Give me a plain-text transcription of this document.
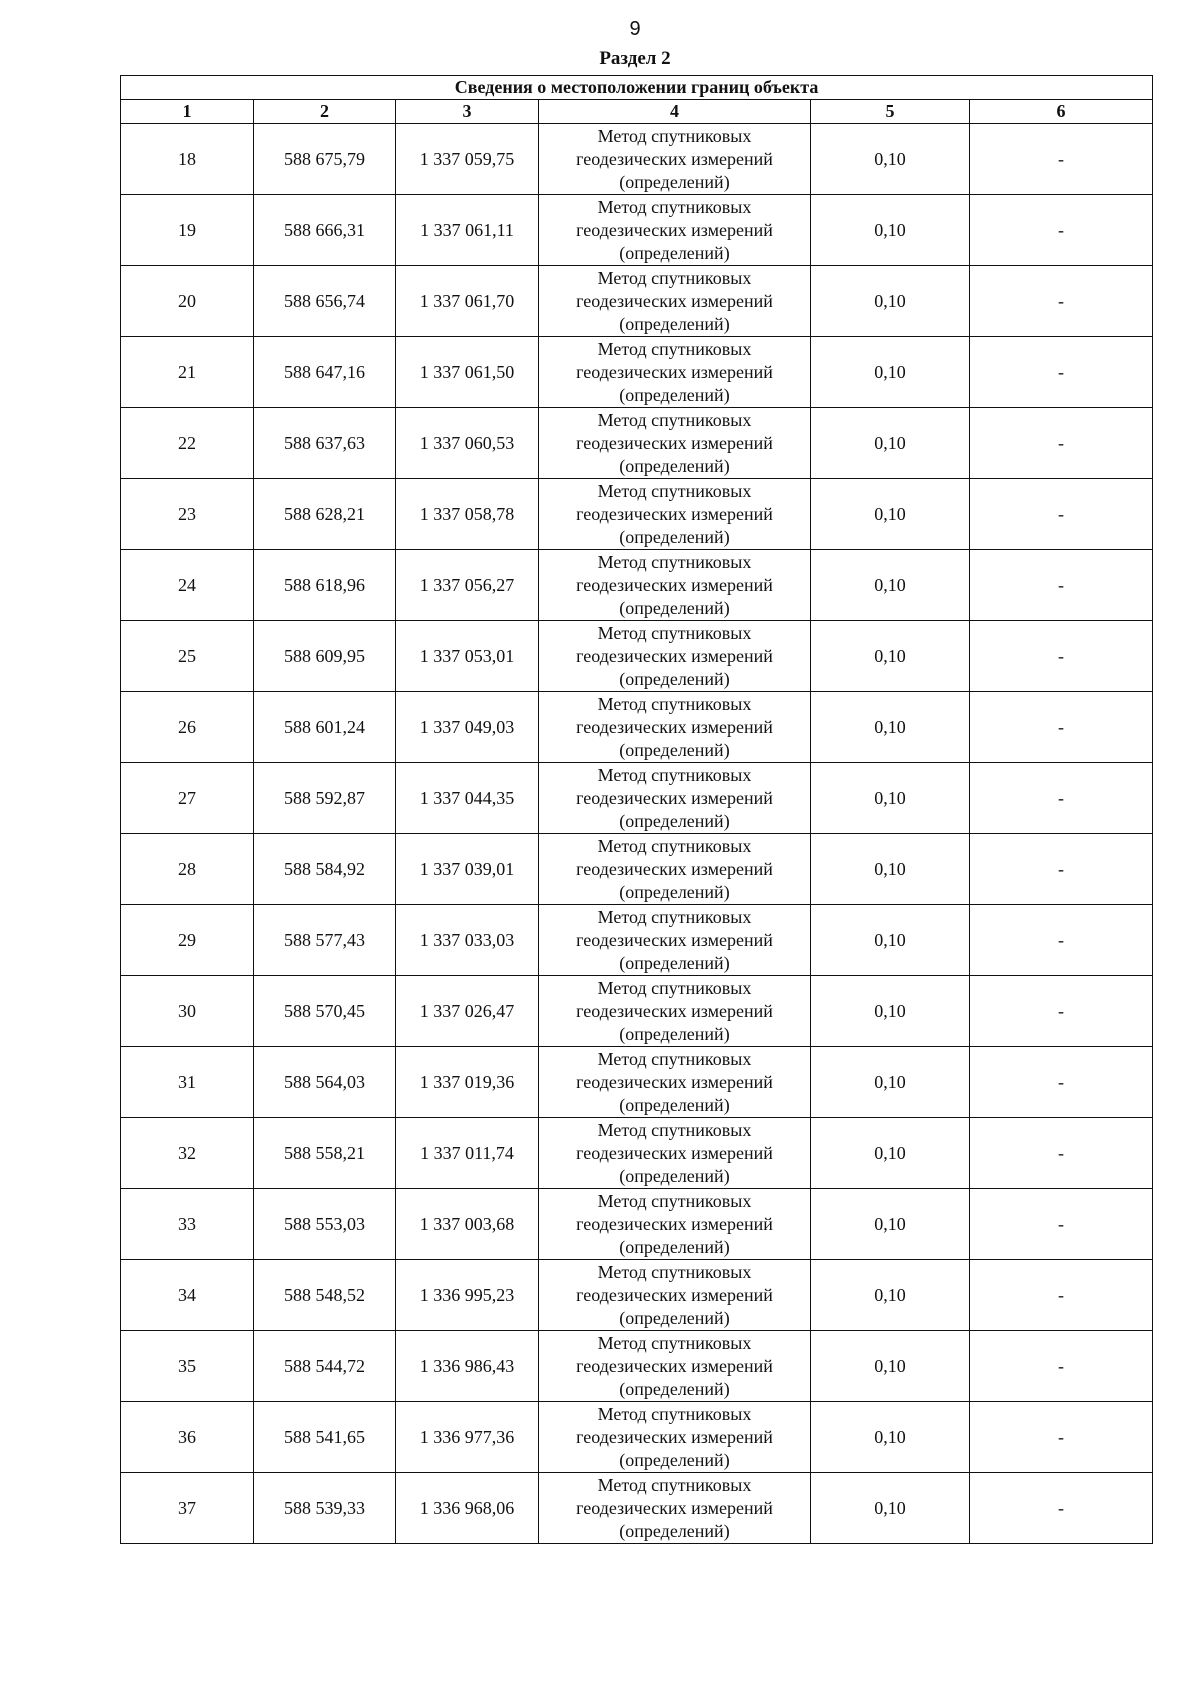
9
Раздел 2
Сведения о местоположении границ объекта					
1	2	3	4	5	6
18	588 675,79	1 337 059,75	Метод спутниковых
геодезических измерений
(определений)	0,10	-
19	588 666,31	1 337 061,11	Метод спутниковых
геодезических измерений
(определений)	0,10	-
20	588 656,74	1 337 061,70	Метод спутниковых
геодезических измерений
(определений)	0,10	-
21	588 647,16	1 337 061,50	Метод спутниковых
геодезических измерений
(определений)	0,10	-
22	588 637,63	1 337 060,53	Метод спутниковых
геодезических измерений
(определений)	0,10	-
23	588 628,21	1 337 058,78	Метод спутниковых
геодезических измерений
(определений)	0,10	-
24	588 618,96	1 337 056,27	Метод спутниковых
геодезических измерений
(определений)	0,10	-
25	588 609,95	1 337 053,01	Метод спутниковых
геодезических измерений
(определений)	0,10	-
26	588 601,24	1 337 049,03	Метод спутниковых
геодезических измерений
(определений)	0,10	-
27	588 592,87	1 337 044,35	Метод спутниковых
геодезических измерений
(определений)	0,10	-
28	588 584,92	1 337 039,01	Метод спутниковых
геодезических измерений
(определений)	0,10	-
29	588 577,43	1 337 033,03	Метод спутниковых
геодезических измерений
(определений)	0,10	-
30	588 570,45	1 337 026,47	Метод спутниковых
геодезических измерений
(определений)	0,10	-
31	588 564,03	1 337 019,36	Метод спутниковых
геодезических измерений
(определений)	0,10	-
32	588 558,21	1 337 011,74	Метод спутниковых
геодезических измерений
(определений)	0,10	-
33	588 553,03	1 337 003,68	Метод спутниковых
геодезических измерений
(определений)	0,10	-
34	588 548,52	1 336 995,23	Метод спутниковых
геодезических измерений
(определений)	0,10	-
35	588 544,72	1 336 986,43	Метод спутниковых
геодезических измерений
(определений)	0,10	-
36	588 541,65	1 336 977,36	Метод спутниковых
геодезических измерений
(определений)	0,10	-
37	588 539,33	1 336 968,06	Метод спутниковых
геодезических измерений
(определений)	0,10	-
